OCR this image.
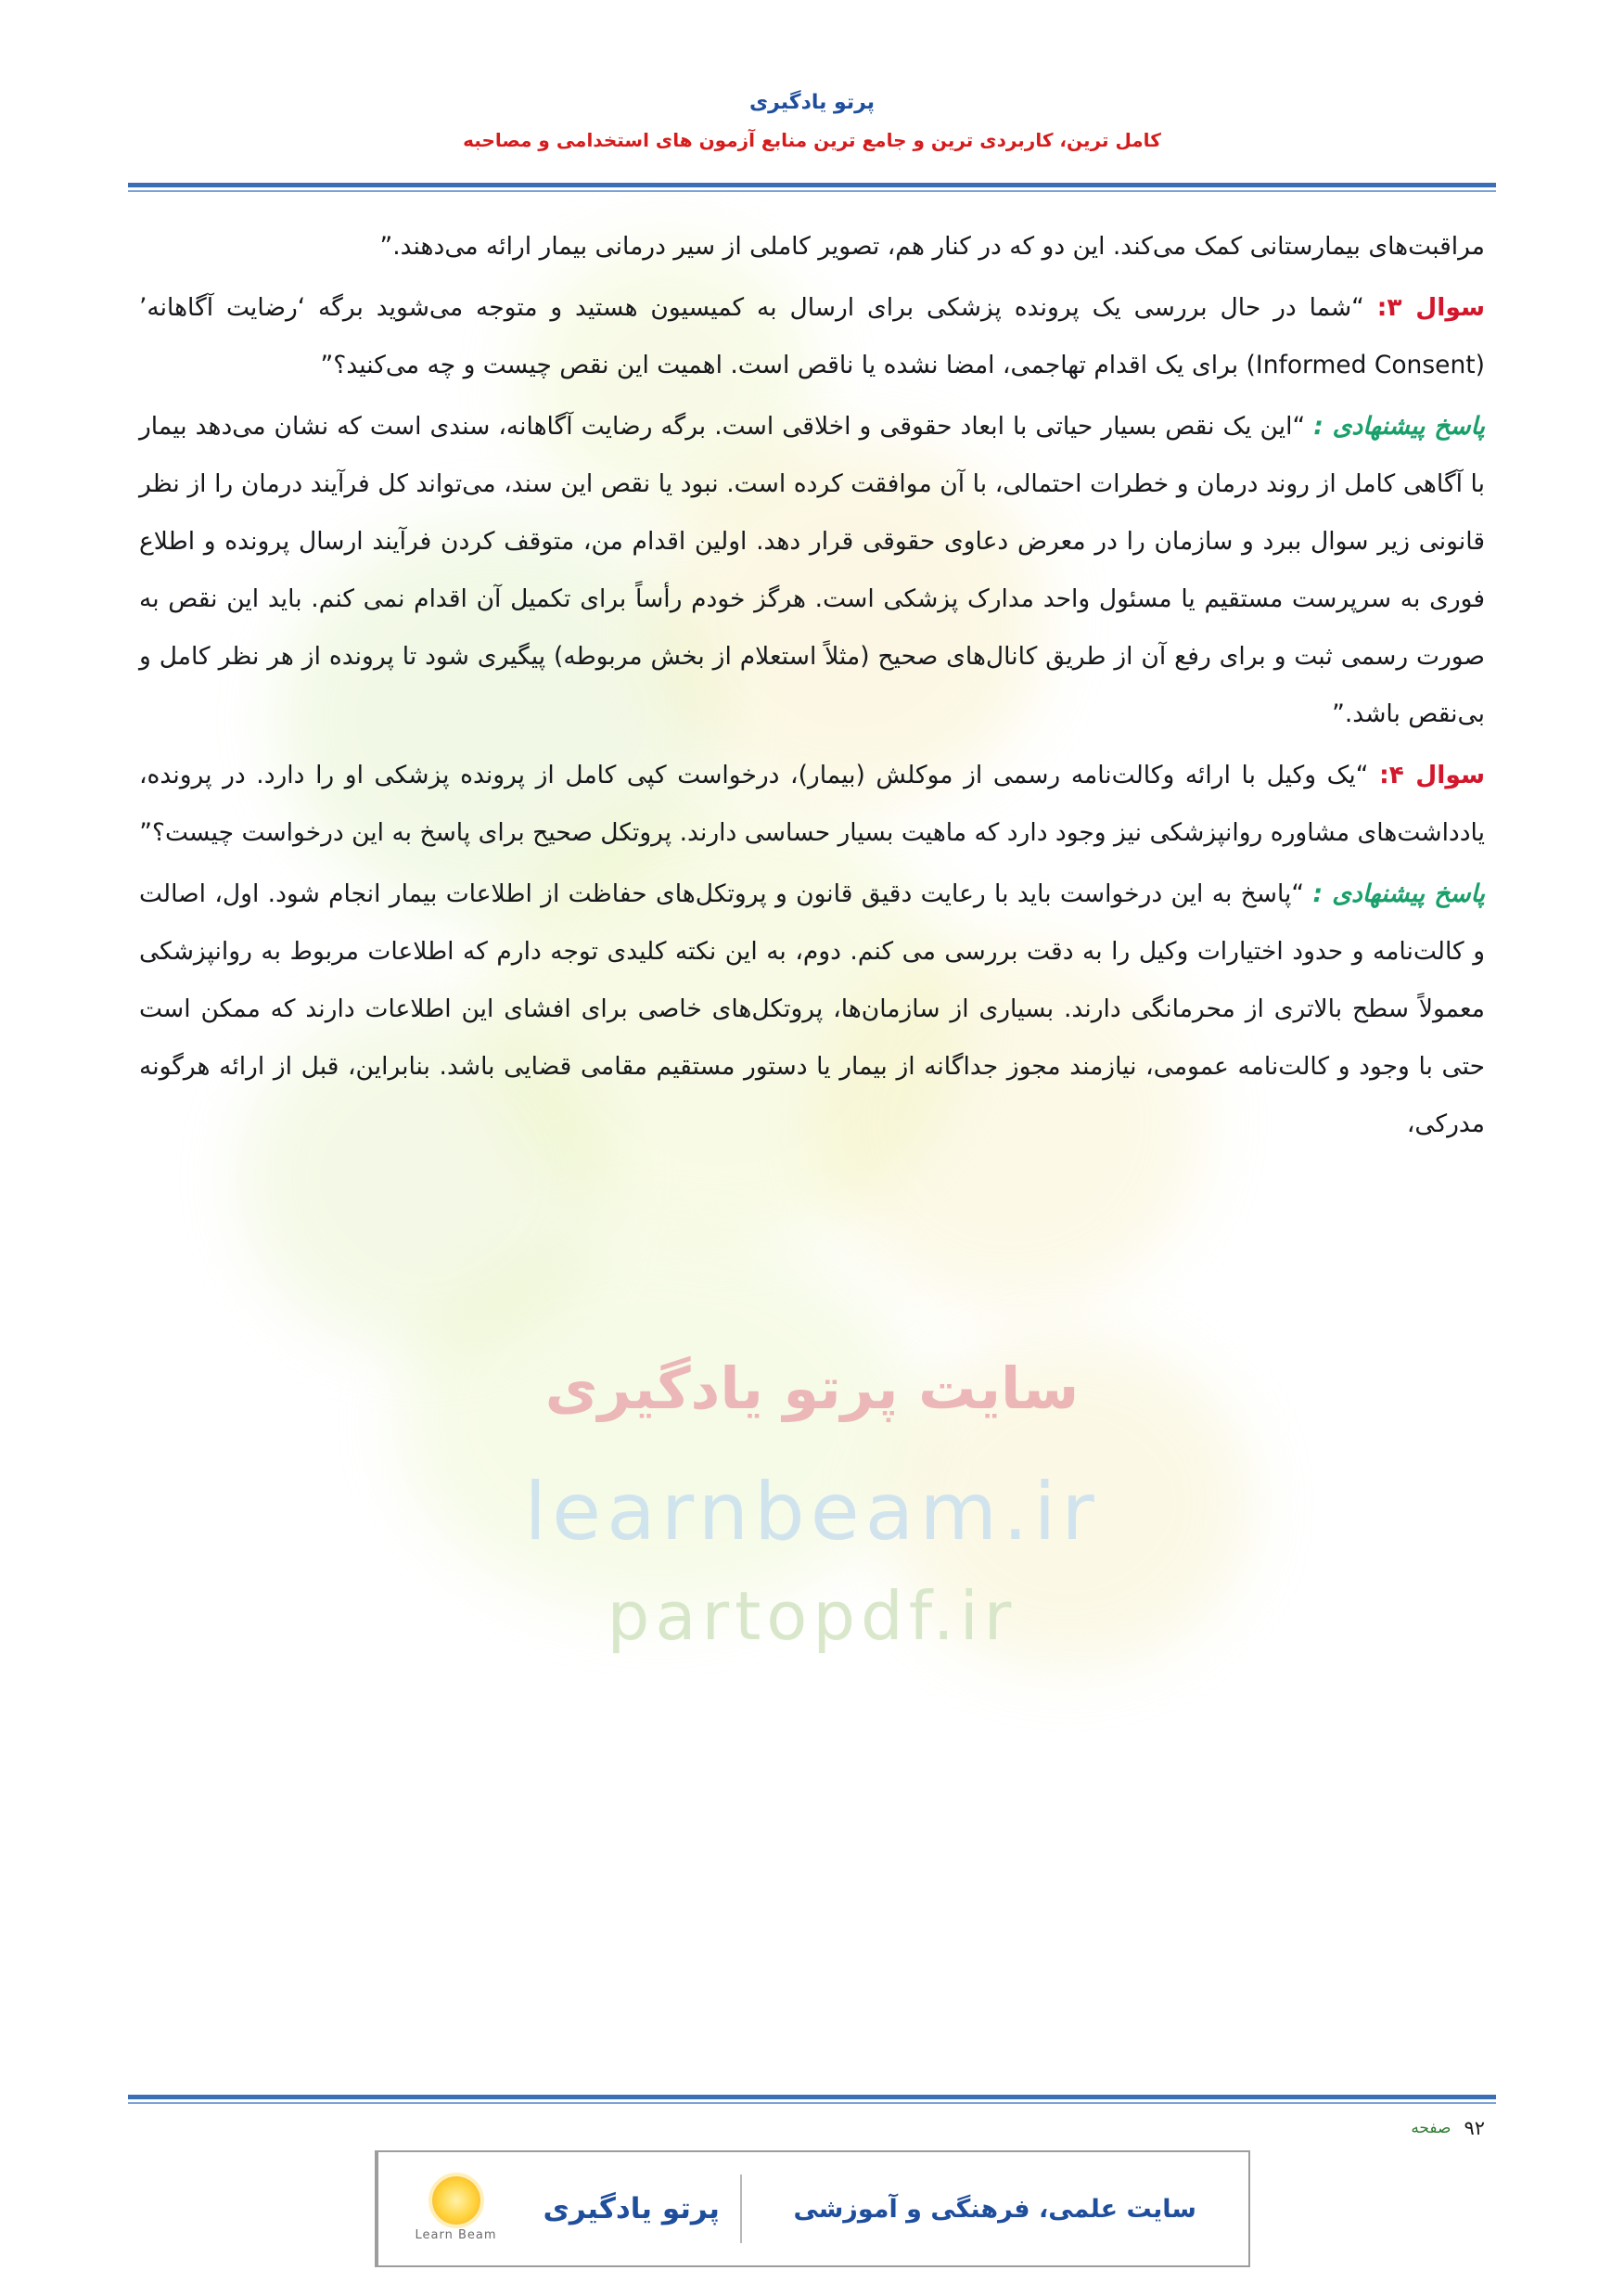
سایت پرتو یادگیری
learnbeam.ir
partopdf.ir
پرتو یادگیری
کامل ترین، کاربردی ترین و جامع ترین منابع آزمون های استخدامی و مصاحبه

مراقبت‌های بیمارستانی کمک می‌کند. این دو که در کنار هم، تصویر کاملی از سیر درمانی بیمار ارائه می‌دهند.”

سوال ۳: “شما در حال بررسی یک پرونده پزشکی برای ارسال به کمیسیون هستید و متوجه می‌شوید برگه ‘رضایت آگاهانه’ (Informed Consent) برای یک اقدام تهاجمی، امضا نشده یا ناقص است. اهمیت این نقص چیست و چه می‌کنید؟”

پاسخ پیشنهادی : “این یک نقص بسیار حیاتی با ابعاد حقوقی و اخلاقی است. برگه رضایت آگاهانه، سندی است که نشان می‌دهد بیمار با آگاهی کامل از روند درمان و خطرات احتمالی، با آن موافقت کرده است. نبود یا نقص این سند، می‌تواند کل فرآیند درمان را از نظر قانونی زیر سوال ببرد و سازمان را در معرض دعاوی حقوقی قرار دهد. اولین اقدام من، متوقف کردن فرآیند ارسال پرونده و اطلاع فوری به سرپرست مستقیم یا مسئول واحد مدارک پزشکی است. هرگز خودم رأساً برای تکمیل آن اقدام نمی کنم. باید این نقص به صورت رسمی ثبت و برای رفع آن از طریق کانال‌های صحیح (مثلاً استعلام از بخش مربوطه) پیگیری شود تا پرونده از هر نظر کامل و بی‌نقص باشد.”

سوال ۴: “یک وکیل با ارائه وکالت‌نامه رسمی از موکلش (بیمار)، درخواست کپی کامل از پرونده پزشکی او را دارد. در پرونده، یادداشت‌های مشاوره روانپزشکی نیز وجود دارد که ماهیت بسیار حساسی دارند. پروتکل صحیح برای پاسخ به این درخواست چیست؟”

پاسخ پیشنهادی : “پاسخ به این درخواست باید با رعایت دقیق قانون و پروتکل‌های حفاظت از اطلاعات بیمار انجام شود. اول، اصالت و کالت‌نامه و حدود اختیارات وکیل را به دقت بررسی می کنم. دوم، به این نکته کلیدی توجه دارم که اطلاعات مربوط به روانپزشکی معمولاً سطح بالاتری از محرمانگی دارند. بسیاری از سازمان‌ها، پروتکل‌های خاصی برای افشای این اطلاعات دارند که ممکن است حتی با وجود و کالت‌نامه عمومی، نیازمند مجوز جداگانه از بیمار یا دستور مستقیم مقامی قضایی باشد. بنابراین، قبل از ارائه هرگونه مدرکی،

۹۲
صفحه
Learn Beam
پرتو یادگیری	سایت علمی، فرهنگی و آموزشی
